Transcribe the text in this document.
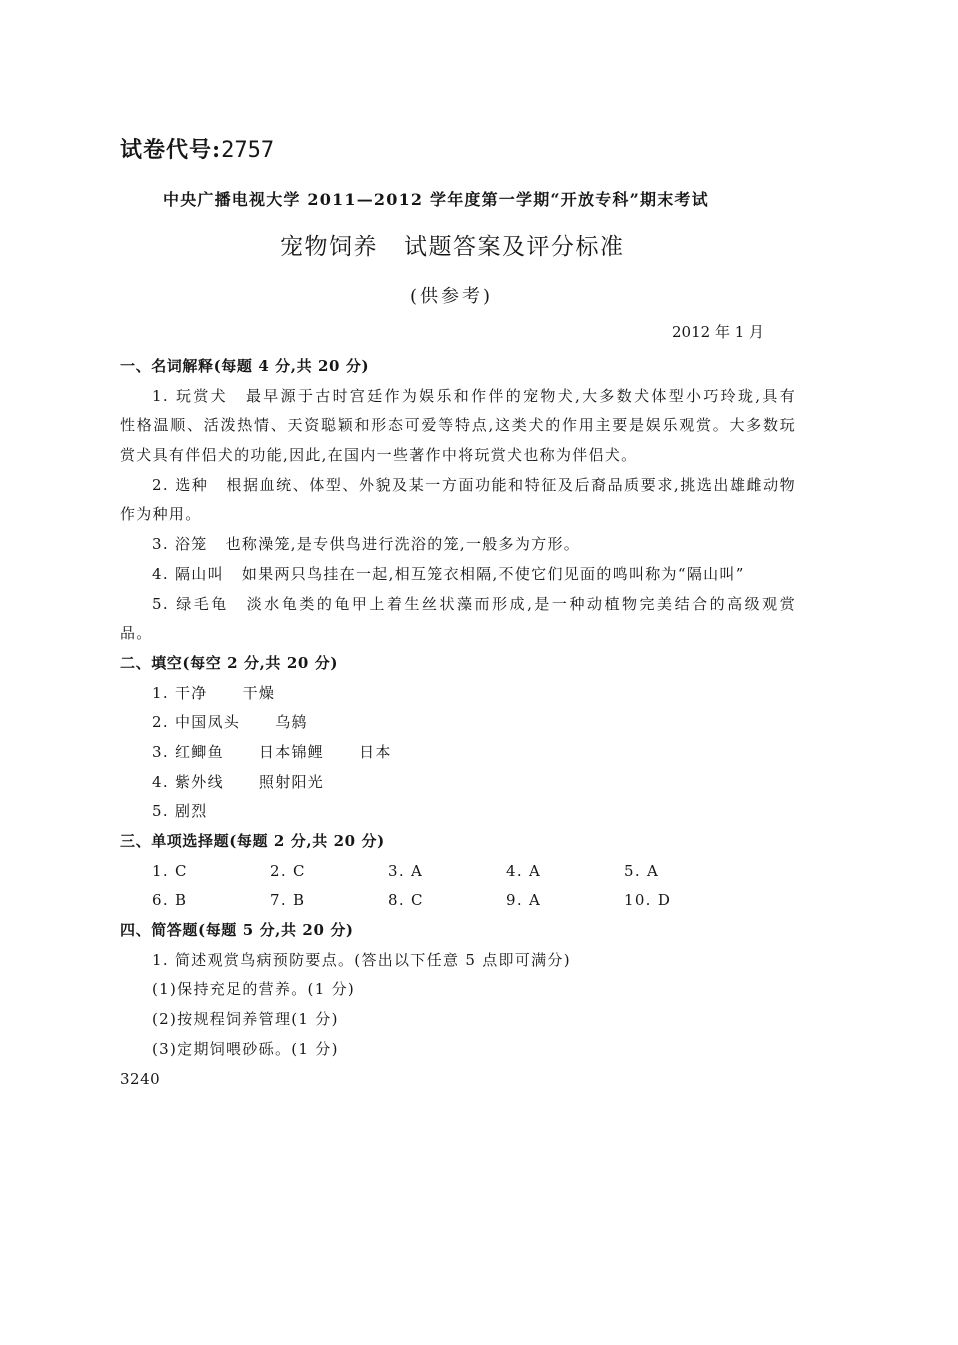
试卷代号:2757
中央广播电视大学 2011—2012 学年度第一学期“开放专科”期末考试
宠物饲养 试题答案及评分标准
(供参考)
2012 年 1 月
一、名词解释(每题 4 分,共 20 分)
1. 玩赏犬 最早源于古时宫廷作为娱乐和作伴的宠物犬,大多数犬体型小巧玲珑,具有
性格温顺、活泼热情、天资聪颖和形态可爱等特点,这类犬的作用主要是娱乐观赏。大多数玩
赏犬具有伴侣犬的功能,因此,在国内一些著作中将玩赏犬也称为伴侣犬。
2. 选种 根据血统、体型、外貌及某一方面功能和特征及后裔品质要求,挑选出雄雌动物
作为种用。
3. 浴笼 也称澡笼,是专供鸟进行洗浴的笼,一般多为方形。
4. 隔山叫 如果两只鸟挂在一起,相互笼衣相隔,不使它们见面的鸣叫称为“隔山叫”
5. 绿毛龟 淡水龟类的龟甲上着生丝状藻而形成,是一种动植物完美结合的高级观赏
品。
二、填空(每空 2 分,共 20 分)
1. 干净 干燥
2. 中国凤头 乌鸫
3. 红鲫鱼 日本锦鲤 日本
4. 紫外线 照射阳光
5. 剧烈
三、单项选择题(每题 2 分,共 20 分)
1. C	2. C	3. A	4. A	5. A
6. B	7. B	8. C	9. A	10. D
四、简答题(每题 5 分,共 20 分)
1. 简述观赏鸟病预防要点。(答出以下任意 5 点即可满分)
(1)保持充足的营养。(1 分)
(2)按规程饲养管理(1 分)
(3)定期饲喂砂砾。(1 分)
3240
